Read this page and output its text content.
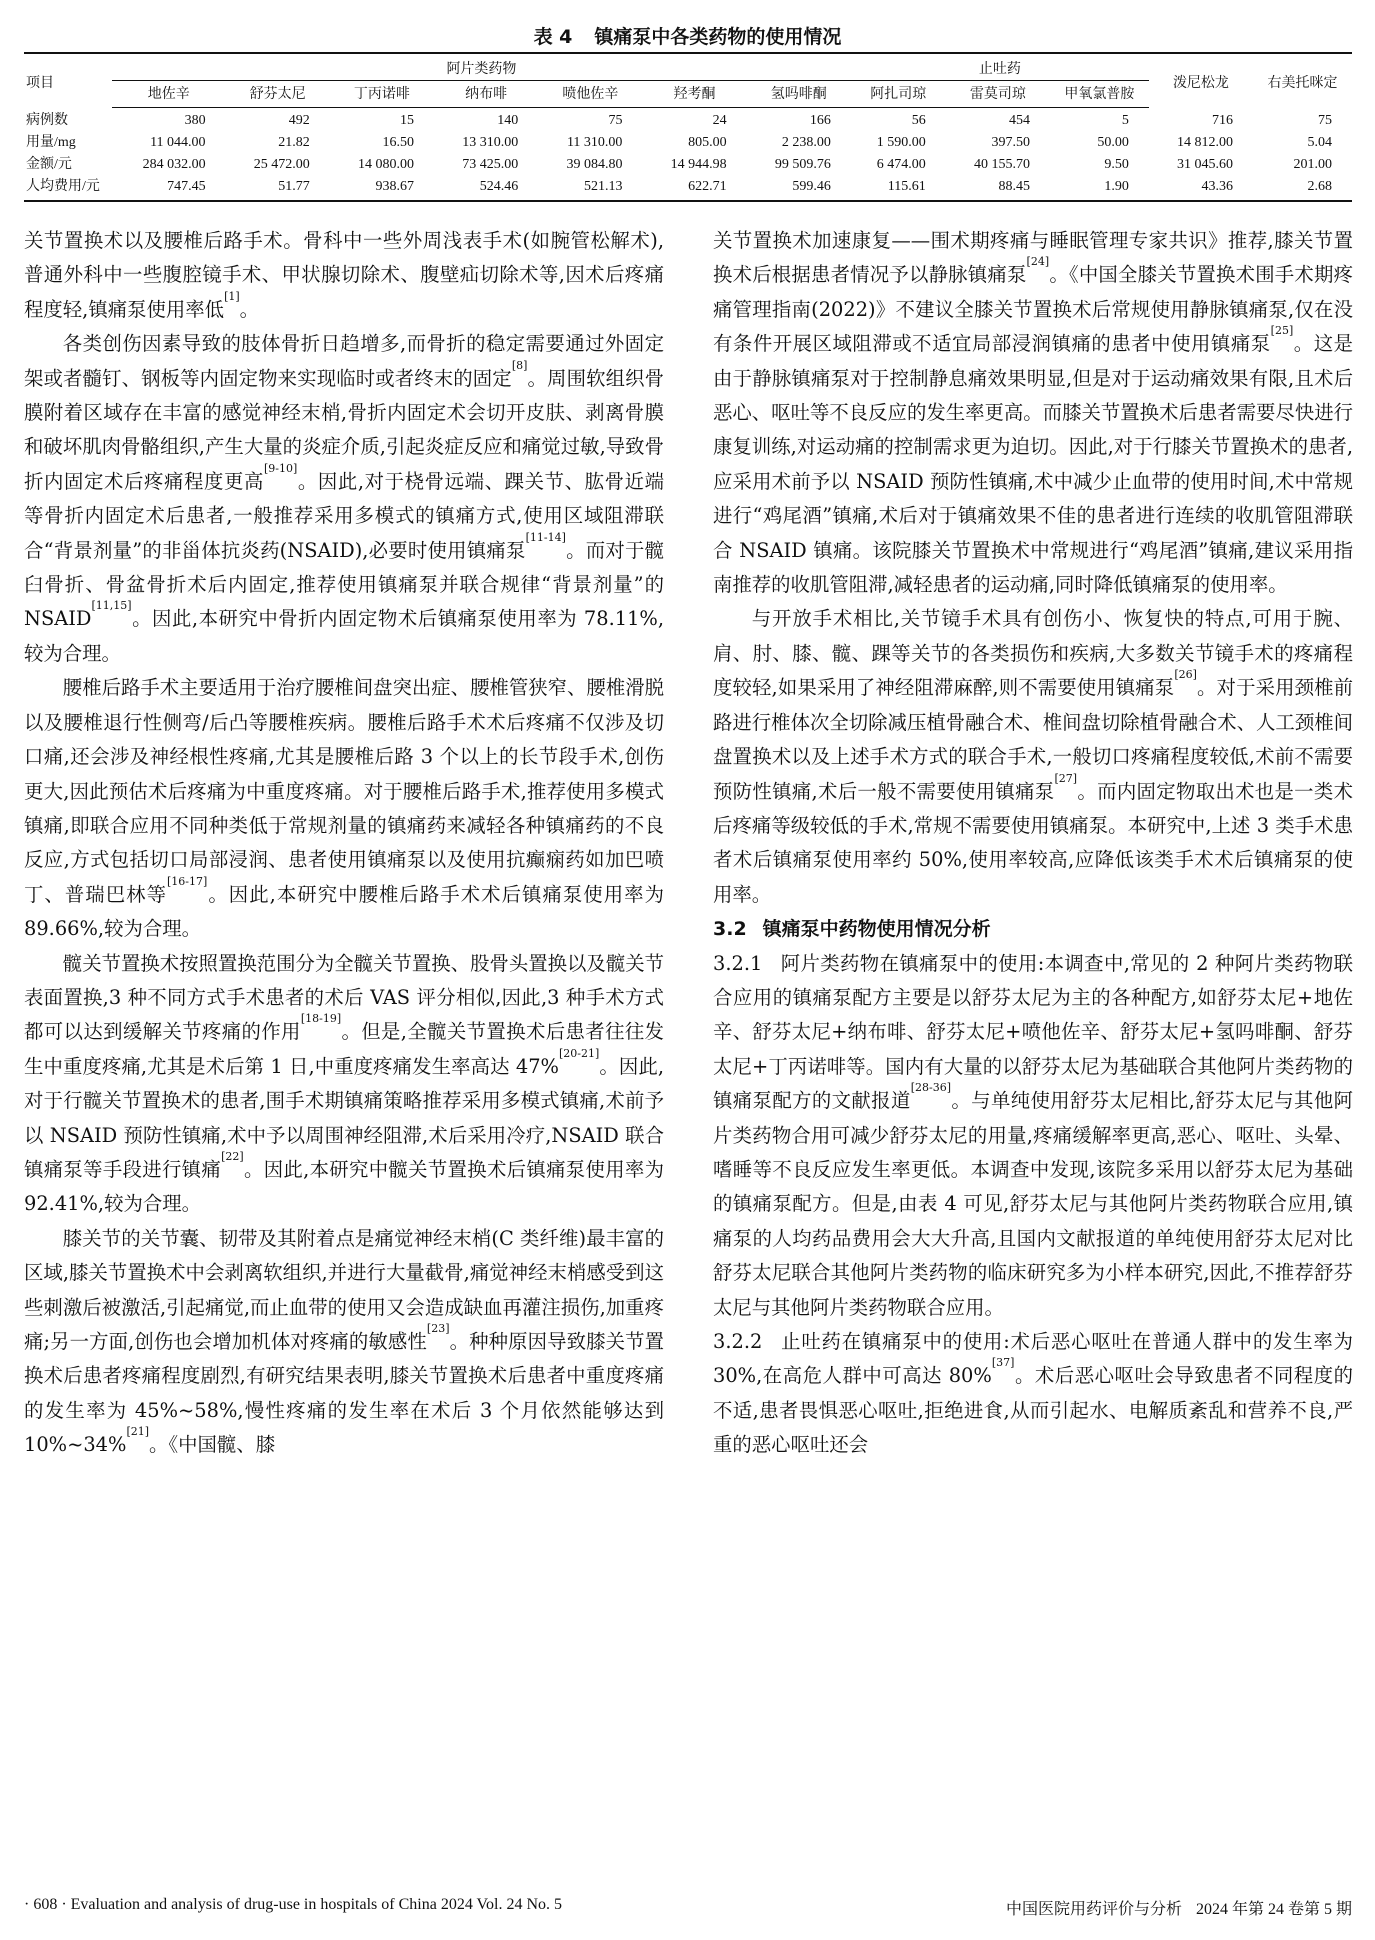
表 4 镇痛泵中各类药物的使用情况
项目	阿片类药物							止吐药			泼尼松龙	右美托咪定
	地佐辛	舒芬太尼	丁丙诺啡	纳布啡	喷他佐辛	羟考酮	氢吗啡酮	阿扎司琼	雷莫司琼	甲氧氯普胺		
病例数	380	492	15	140	75	24	166	56	454	5	716	75
用量/mg	11 044.00	21.82	16.50	13 310.00	11 310.00	805.00	2 238.00	1 590.00	397.50	50.00	14 812.00	5.04
金额/元	284 032.00	25 472.00	14 080.00	73 425.00	39 084.80	14 944.98	99 509.76	6 474.00	40 155.70	9.50	31 045.60	201.00
人均费用/元	747.45	51.77	938.67	524.46	521.13	622.71	599.46	115.61	88.45	1.90	43.36	2.68

关节置换术以及腰椎后路手术。骨科中一些外周浅表手术(如腕管松解术),普通外科中一些腹腔镜手术、甲状腺切除术、腹壁疝切除术等,因术后疼痛程度轻,镇痛泵使用率低[1]。

各类创伤因素导致的肢体骨折日趋增多,而骨折的稳定需要通过外固定架或者髓钉、钢板等内固定物来实现临时或者终末的固定[8]。周围软组织骨膜附着区域存在丰富的感觉神经末梢,骨折内固定术会切开皮肤、剥离骨膜和破坏肌肉骨骼组织,产生大量的炎症介质,引起炎症反应和痛觉过敏,导致骨折内固定术后疼痛程度更高[9-10]。因此,对于桡骨远端、踝关节、肱骨近端等骨折内固定术后患者,一般推荐采用多模式的镇痛方式,使用区域阻滞联合“背景剂量”的非甾体抗炎药(NSAID),必要时使用镇痛泵[11-14]。而对于髋臼骨折、骨盆骨折术后内固定,推荐使用镇痛泵并联合规律“背景剂量”的NSAID[11,15]。因此,本研究中骨折内固定物术后镇痛泵使用率为 78.11%,较为合理。

腰椎后路手术主要适用于治疗腰椎间盘突出症、腰椎管狭窄、腰椎滑脱以及腰椎退行性侧弯/后凸等腰椎疾病。腰椎后路手术术后疼痛不仅涉及切口痛,还会涉及神经根性疼痛,尤其是腰椎后路 3 个以上的长节段手术,创伤更大,因此预估术后疼痛为中重度疼痛。对于腰椎后路手术,推荐使用多模式镇痛,即联合应用不同种类低于常规剂量的镇痛药来减轻各种镇痛药的不良反应,方式包括切口局部浸润、患者使用镇痛泵以及使用抗癫痫药如加巴喷丁、普瑞巴林等[16-17]。因此,本研究中腰椎后路手术术后镇痛泵使用率为 89.66%,较为合理。

髋关节置换术按照置换范围分为全髋关节置换、股骨头置换以及髋关节表面置换,3 种不同方式手术患者的术后 VAS 评分相似,因此,3 种手术方式都可以达到缓解关节疼痛的作用[18-19]。但是,全髋关节置换术后患者往往发生中重度疼痛,尤其是术后第 1 日,中重度疼痛发生率高达 47%[20-21]。因此,对于行髋关节置换术的患者,围手术期镇痛策略推荐采用多模式镇痛,术前予以 NSAID 预防性镇痛,术中予以周围神经阻滞,术后采用冷疗,NSAID 联合镇痛泵等手段进行镇痛[22]。因此,本研究中髋关节置换术后镇痛泵使用率为 92.41%,较为合理。

膝关节的关节囊、韧带及其附着点是痛觉神经末梢(C 类纤维)最丰富的区域,膝关节置换术中会剥离软组织,并进行大量截骨,痛觉神经末梢感受到这些刺激后被激活,引起痛觉,而止血带的使用又会造成缺血再灌注损伤,加重疼痛;另一方面,创伤也会增加机体对疼痛的敏感性[23]。种种原因导致膝关节置换术后患者疼痛程度剧烈,有研究结果表明,膝关节置换术后患者中重度疼痛的发生率为 45%~58%,慢性疼痛的发生率在术后 3 个月依然能够达到 10%~34%[21]。《中国髋、膝

关节置换术加速康复——围术期疼痛与睡眠管理专家共识》推荐,膝关节置换术后根据患者情况予以静脉镇痛泵[24]。《中国全膝关节置换术围手术期疼痛管理指南(2022)》不建议全膝关节置换术后常规使用静脉镇痛泵,仅在没有条件开展区域阻滞或不适宜局部浸润镇痛的患者中使用镇痛泵[25]。这是由于静脉镇痛泵对于控制静息痛效果明显,但是对于运动痛效果有限,且术后恶心、呕吐等不良反应的发生率更高。而膝关节置换术后患者需要尽快进行康复训练,对运动痛的控制需求更为迫切。因此,对于行膝关节置换术的患者,应采用术前予以 NSAID 预防性镇痛,术中减少止血带的使用时间,术中常规进行“鸡尾酒”镇痛,术后对于镇痛效果不佳的患者进行连续的收肌管阻滞联合 NSAID 镇痛。该院膝关节置换术中常规进行“鸡尾酒”镇痛,建议采用指南推荐的收肌管阻滞,减轻患者的运动痛,同时降低镇痛泵的使用率。

与开放手术相比,关节镜手术具有创伤小、恢复快的特点,可用于腕、肩、肘、膝、髋、踝等关节的各类损伤和疾病,大多数关节镜手术的疼痛程度较轻,如果采用了神经阻滞麻醉,则不需要使用镇痛泵[26]。对于采用颈椎前路进行椎体次全切除减压植骨融合术、椎间盘切除植骨融合术、人工颈椎间盘置换术以及上述手术方式的联合手术,一般切口疼痛程度较低,术前不需要预防性镇痛,术后一般不需要使用镇痛泵[27]。而内固定物取出术也是一类术后疼痛等级较低的手术,常规不需要使用镇痛泵。本研究中,上述 3 类手术患者术后镇痛泵使用率约 50%,使用率较高,应降低该类手术术后镇痛泵的使用率。

3.2 镇痛泵中药物使用情况分析

3.2.1 阿片类药物在镇痛泵中的使用:本调查中,常见的 2 种阿片类药物联合应用的镇痛泵配方主要是以舒芬太尼为主的各种配方,如舒芬太尼+地佐辛、舒芬太尼+纳布啡、舒芬太尼+喷他佐辛、舒芬太尼+氢吗啡酮、舒芬太尼+丁丙诺啡等。国内有大量的以舒芬太尼为基础联合其他阿片类药物的镇痛泵配方的文献报道[28-36]。与单纯使用舒芬太尼相比,舒芬太尼与其他阿片类药物合用可减少舒芬太尼的用量,疼痛缓解率更高,恶心、呕吐、头晕、嗜睡等不良反应发生率更低。本调查中发现,该院多采用以舒芬太尼为基础的镇痛泵配方。但是,由表 4 可见,舒芬太尼与其他阿片类药物联合应用,镇痛泵的人均药品费用会大大升高,且国内文献报道的单纯使用舒芬太尼对比舒芬太尼联合其他阿片类药物的临床研究多为小样本研究,因此,不推荐舒芬太尼与其他阿片类药物联合应用。

3.2.2 止吐药在镇痛泵中的使用:术后恶心呕吐在普通人群中的发生率为 30%,在高危人群中可高达 80%[37]。术后恶心呕吐会导致患者不同程度的不适,患者畏惧恶心呕吐,拒绝进食,从而引起水、电解质紊乱和营养不良,严重的恶心呕吐还会

· 608 · Evaluation and analysis of drug-use in hospitals of China 2024 Vol. 24 No. 5	中国医院用药评价与分析 2024 年第 24 卷第 5 期
